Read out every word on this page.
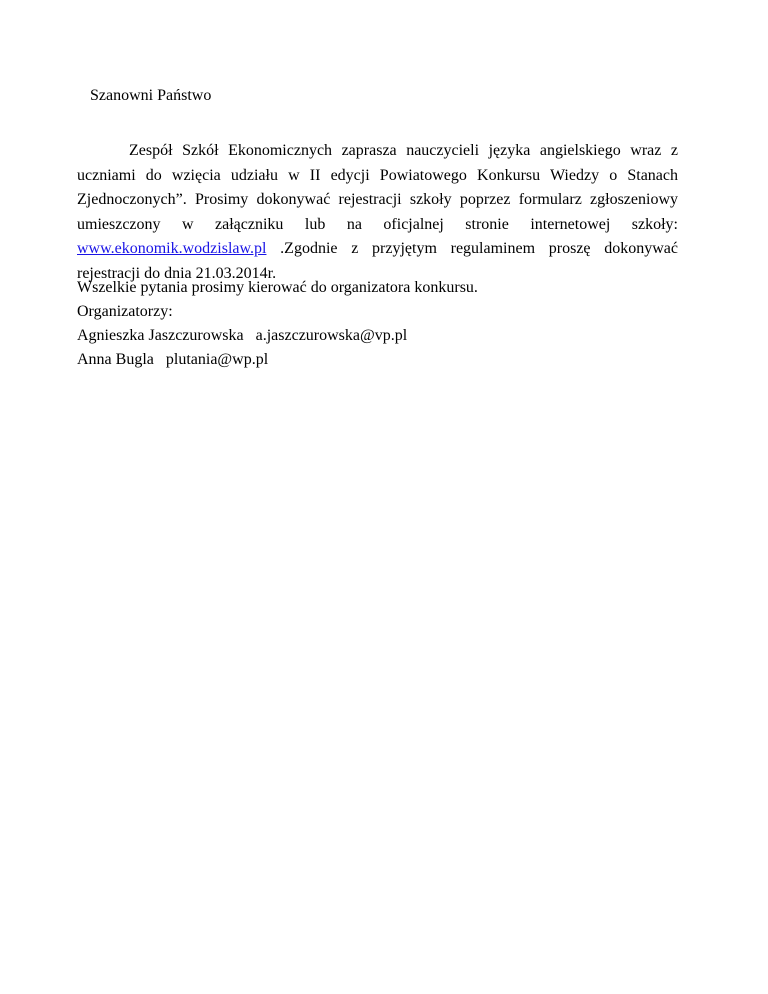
Szanowni Państwo

Zespół Szkół Ekonomicznych zaprasza nauczycieli języka angielskiego wraz z uczniami do wzięcia udziału w II edycji Powiatowego Konkursu Wiedzy o Stanach Zjednoczonych”. Prosimy dokonywać rejestracji szkoły poprzez formularz zgłoszeniowy umieszczony w załączniku lub na oficjalnej stronie internetowej szkoły: www.ekonomik.wodzislaw.pl .Zgodnie z przyjętym regulaminem proszę dokonywać rejestracji do dnia 21.03.2014r.

Wszelkie pytania prosimy kierować do organizatora konkursu.

Organizatorzy:

Agnieszka Jaszczurowska a.jaszczurowska@vp.pl

Anna Bugla plutania@wp.pl
